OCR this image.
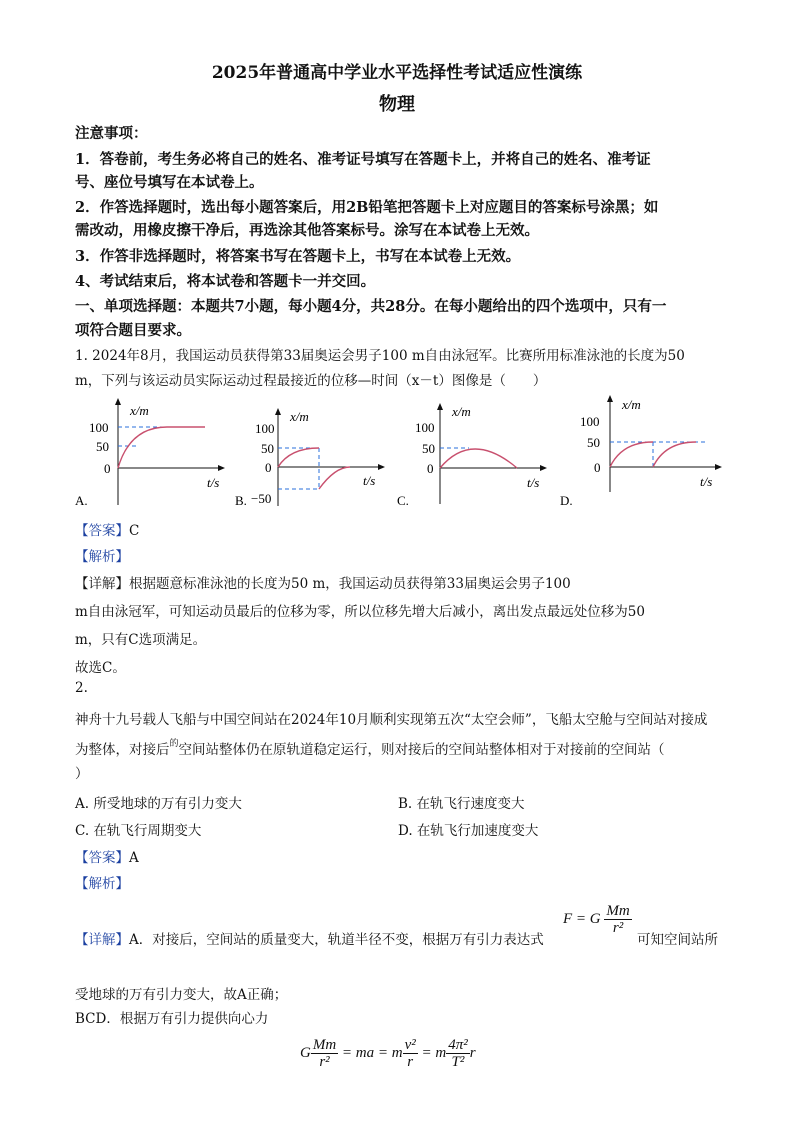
2025年普通高中学业水平选择性考试适应性演练
物理
注意事项：
1．答卷前，考生务必将自己的姓名、准考证号填写在答题卡上，并将自己的姓名、准考证
号、座位号填写在本试卷上。
2．作答选择题时，选出每小题答案后，用2B铅笔把答题卡上对应题目的答案标号涂黑；如
需改动，用橡皮擦干净后，再选涂其他答案标号。涂写在本试卷上无效。
3．作答非选择题时，将答案书写在答题卡上，书写在本试卷上无效。
4、考试结束后，将本试卷和答题卡一并交回。
一、单项选择题：本题共7小题，每小题4分，共28分。在每小题给出的四个选项中，只有一
项符合题目要求。
1. 2024年8月，我国运动员获得第33届奥运会男子100 m自由泳冠军。比赛所用标准泳池的长度为50
m，下列与该运动员实际运动过程最接近的位移—时间（x－t）图像是（　　）
x/m
100
50
0
t/s
A.
x/m
100
50
0
−50
t/s
B.
x/m
100
50
0
t/s
C.
x/m
100
50
0
t/s
D.
【答案】C
【解析】
【详解】根据题意标准泳池的长度为50 m，我国运动员获得第33届奥运会男子100
m自由泳冠军，可知运动员最后的位移为零，所以位移先增大后减小，离出发点最远处位移为50
m，只有C选项满足。
故选C。
2.
神舟十九号载人飞船与中国空间站在2024年10月顺利实现第五次“太空会师”，飞船太空舱与空间站对接成
为整体，对接后$^的$空间站整体仍在原轨道稳定运行，则对接后的空间站整体相对于对接前的空间站（
）
A. 所受地球的万有引力变大	B. 在轨飞行速度变大
C. 在轨飞行周期变大	D. 在轨飞行加速度变大
【答案】A
【解析】
【详解】A．对接后，空间站的质量变大，轨道半径不变，根据万有引力表达式
F = G $\frac{Mm}{\text{r²}}$
可知空间站所
受地球的万有引力变大，故A正确；
BCD．根据万有引力提供向心力
G $\frac{Mm}{\text{r²}}$ = ma = m $\frac{\text{v²}}{r} = m \frac{\text{4π²}}{\text{T²}}$ r
